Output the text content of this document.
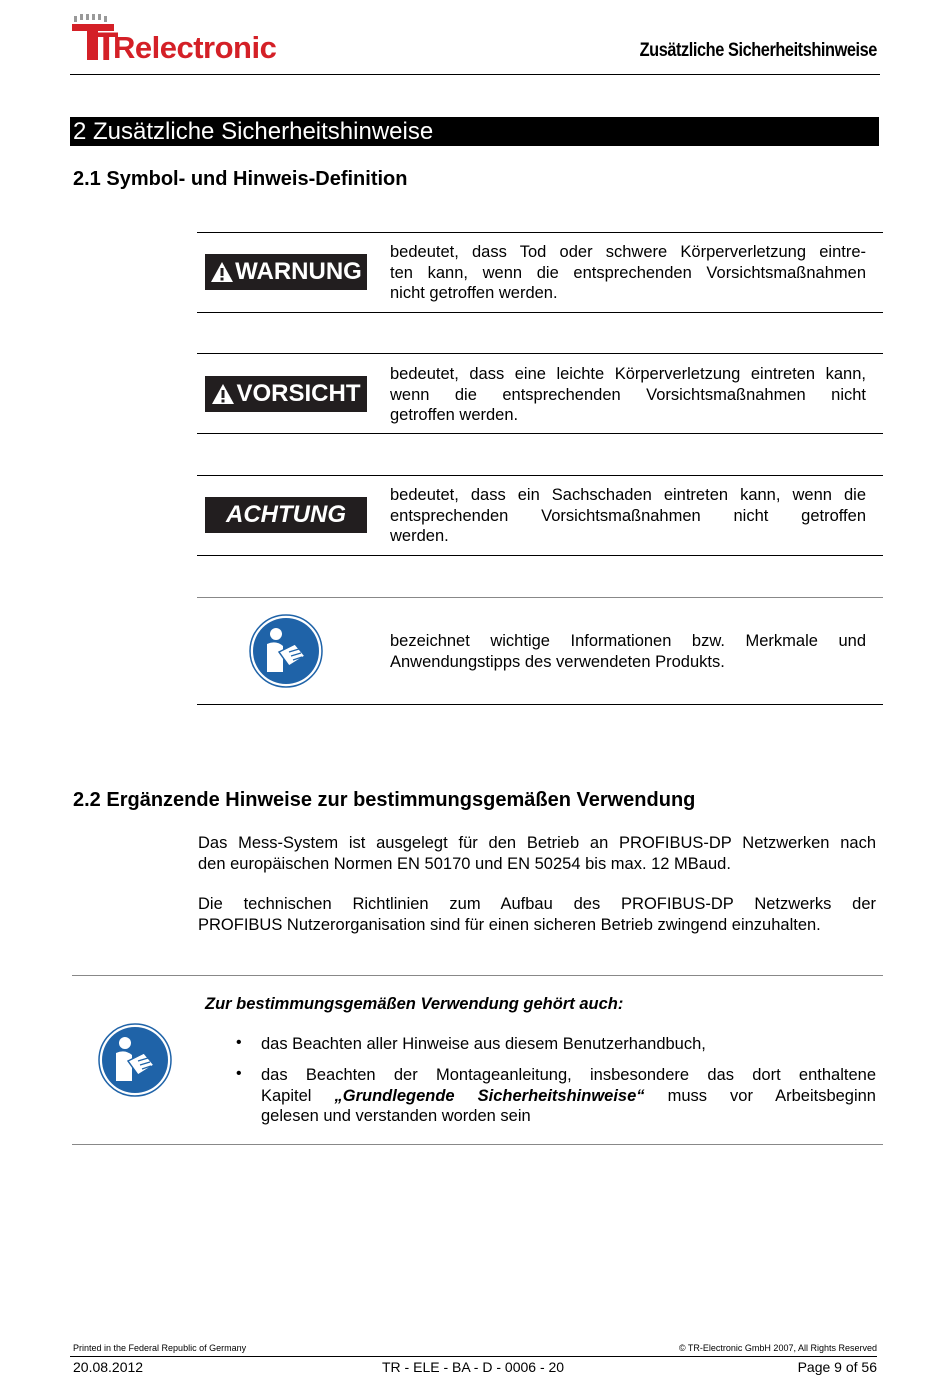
T
Relectronic	Zusätzliche Sicherheitshinweise
2 Zusätzliche Sicherheitshinweise
2.1 Symbol- und Hinweis-Definition
WARNUNG
bedeutet, dass Tod oder schwere Körperverletzung eintre-
ten kann, wenn die entsprechenden Vorsichtsmaßnahmen
nicht getroffen werden.
VORSICHT
bedeutet, dass eine leichte Körperverletzung eintreten kann,
wenn die entsprechenden Vorsichtsmaßnahmen nicht
getroffen werden.
ACHTUNG
bedeutet, dass ein Sachschaden eintreten kann, wenn die
entsprechenden Vorsichtsmaßnahmen nicht getroffen
werden.
bezeichnet wichtige Informationen bzw. Merkmale und
Anwendungstipps des verwendeten Produkts.
2.2 Ergänzende Hinweise zur bestimmungsgemäßen Verwendung
Das Mess-System ist ausgelegt für den Betrieb an PROFIBUS-DP Netzwerken nach
den europäischen Normen EN 50170 und EN 50254 bis max. 12 MBaud.
Die technischen Richtlinien zum Aufbau des PROFIBUS-DP Netzwerks der
PROFIBUS Nutzerorganisation sind für einen sicheren Betrieb zwingend einzuhalten.
Zur bestimmungsgemäßen Verwendung gehört auch:
• das Beachten aller Hinweise aus diesem Benutzerhandbuch,
• das Beachten der Montageanleitung, insbesondere das dort enthaltene
Kapitel „Grundlegende Sicherheitshinweise“ muss vor Arbeitsbeginn
gelesen und verstanden worden sein
Printed in the Federal Republic of Germany	© TR-Electronic GmbH 2007, All Rights Reserved
20.08.2012	TR - ELE - BA - D - 0006 - 20	Page 9 of 56
